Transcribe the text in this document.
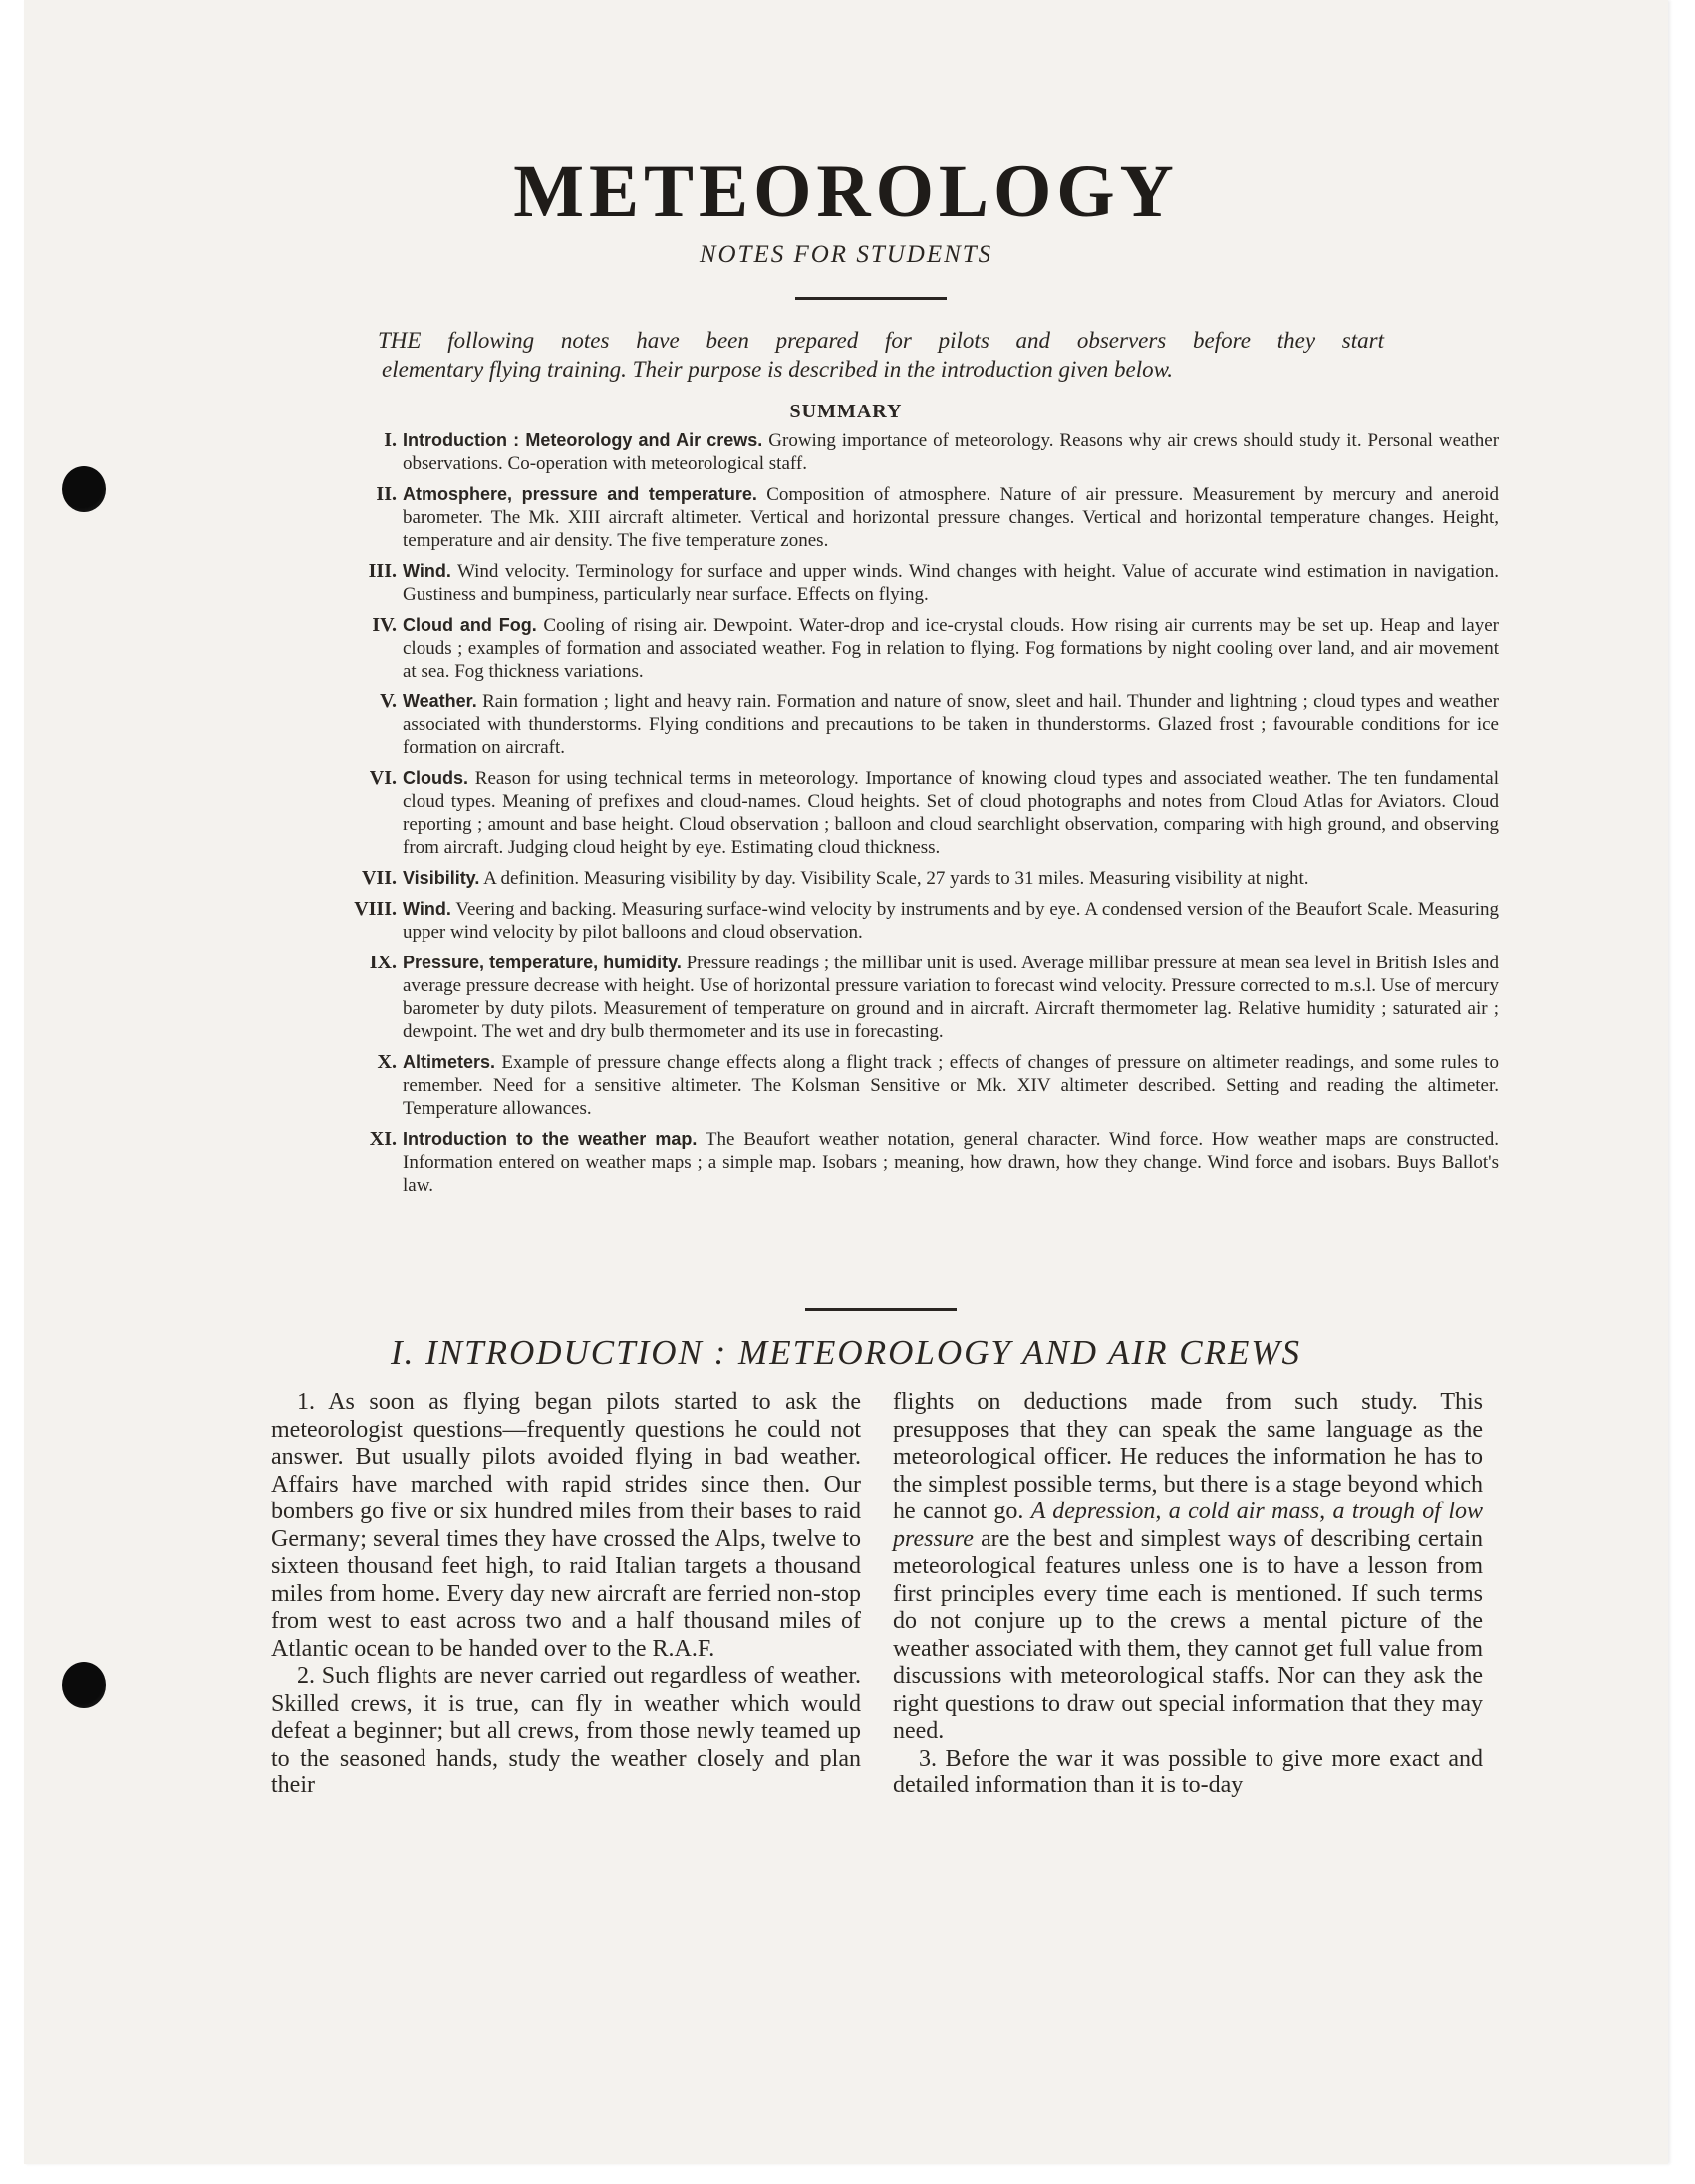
METEOROLOGY
NOTES FOR STUDENTS
THE following notes have been prepared for pilots and observers before they start
elementary flying training. Their purpose is described in the introduction given below.
SUMMARY
I. Introduction : Meteorology and Air crews. Growing importance of meteorology. Reasons why air crews should study it. Personal weather observations. Co-operation with meteorological staff.
II. Atmosphere, pressure and temperature. Composition of atmosphere. Nature of air pressure. Measurement by mercury and aneroid barometer. The Mk. XIII aircraft altimeter. Vertical and horizontal pressure changes. Vertical and horizontal temperature changes. Height, temperature and air density. The five temperature zones.
III. Wind. Wind velocity. Terminology for surface and upper winds. Wind changes with height. Value of accurate wind estimation in navigation. Gustiness and bumpiness, particularly near surface. Effects on flying.
IV. Cloud and Fog. Cooling of rising air. Dewpoint. Water-drop and ice-crystal clouds. How rising air currents may be set up. Heap and layer clouds ; examples of formation and associated weather. Fog in relation to flying. Fog formations by night cooling over land, and air movement at sea. Fog thickness variations.
V. Weather. Rain formation ; light and heavy rain. Formation and nature of snow, sleet and hail. Thunder and lightning ; cloud types and weather associated with thunderstorms. Flying conditions and precautions to be taken in thunderstorms. Glazed frost ; favourable conditions for ice formation on aircraft.
VI. Clouds. Reason for using technical terms in meteorology. Importance of knowing cloud types and associated weather. The ten fundamental cloud types. Meaning of prefixes and cloud-names. Cloud heights. Set of cloud photographs and notes from Cloud Atlas for Aviators. Cloud reporting ; amount and base height. Cloud observation ; balloon and cloud searchlight observation, comparing with high ground, and observing from aircraft. Judging cloud height by eye. Estimating cloud thickness.
VII. Visibility. A definition. Measuring visibility by day. Visibility Scale, 27 yards to 31 miles. Measuring visibility at night.
VIII. Wind. Veering and backing. Measuring surface-wind velocity by instruments and by eye. A condensed version of the Beaufort Scale. Measuring upper wind velocity by pilot balloons and cloud observation.
IX. Pressure, temperature, humidity. Pressure readings ; the millibar unit is used. Average millibar pressure at mean sea level in British Isles and average pressure decrease with height. Use of horizontal pressure variation to forecast wind velocity. Pressure corrected to m.s.l. Use of mercury barometer by duty pilots. Measurement of temperature on ground and in aircraft. Aircraft thermometer lag. Relative humidity ; saturated air ; dewpoint. The wet and dry bulb thermometer and its use in forecasting.
X. Altimeters. Example of pressure change effects along a flight track ; effects of changes of pressure on altimeter readings, and some rules to remember. Need for a sensitive altimeter. The Kolsman Sensitive or Mk. XIV altimeter described. Setting and reading the altimeter. Temperature allowances.
XI. Introduction to the weather map. The Beaufort weather notation, general character. Wind force. How weather maps are constructed. Information entered on weather maps ; a simple map. Isobars ; meaning, how drawn, how they change. Wind force and isobars. Buys Ballot's law.
I. INTRODUCTION : METEOROLOGY AND AIR CREWS

1. As soon as flying began pilots started to ask the meteorologist questions—frequently questions he could not answer. But usually pilots avoided flying in bad weather. Affairs have marched with rapid strides since then. Our bombers go five or six hundred miles from their bases to raid Germany; several times they have crossed the Alps, twelve to sixteen thousand feet high, to raid Italian targets a thousand miles from home. Every day new aircraft are ferried non-stop from west to east across two and a half thousand miles of Atlantic ocean to be handed over to the R.A.F.

2. Such flights are never carried out regardless of weather. Skilled crews, it is true, can fly in weather which would defeat a beginner; but all crews, from those newly teamed up to the seasoned hands, study the weather closely and plan their

flights on deductions made from such study. This presupposes that they can speak the same language as the meteorological officer. He reduces the information he has to the simplest possible terms, but there is a stage beyond which he cannot go. A depression, a cold air mass, a trough of low pressure are the best and simplest ways of describing certain meteorological features unless one is to have a lesson from first principles every time each is mentioned. If such terms do not conjure up to the crews a mental picture of the weather associated with them, they cannot get full value from discussions with meteorological staffs. Nor can they ask the right questions to draw out special information that they may need.

3. Before the war it was possible to give more exact and detailed information than it is to-day
